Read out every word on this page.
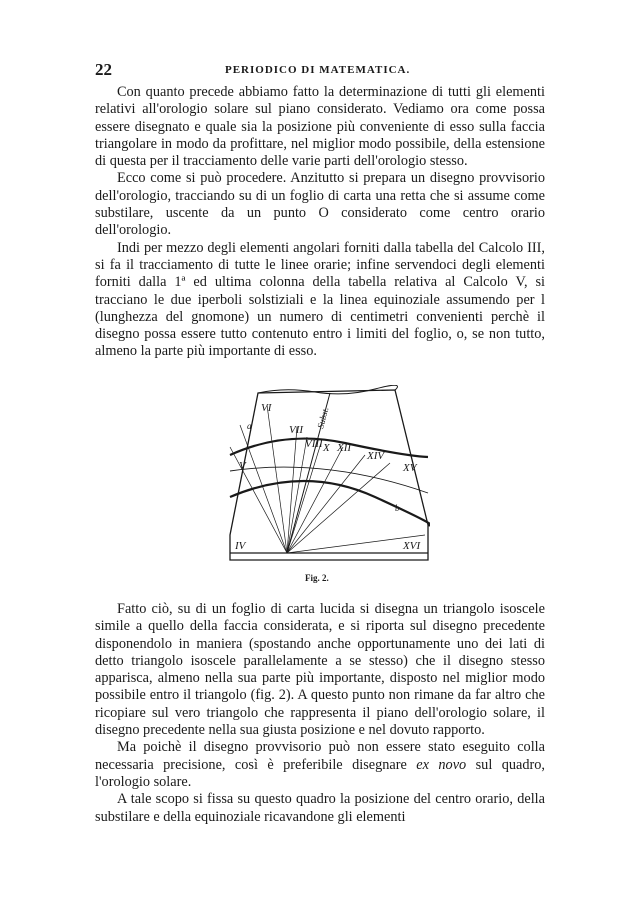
22	PERIODICO DI MATEMATICA.

Con quanto precede abbiamo fatto la determinazione di tutti gli elementi relativi all'orologio solare sul piano considerato. Vediamo ora come possa essere disegnato e quale sia la posizione più conveniente di esso sulla faccia triangolare in modo da profittare, nel miglior modo possibile, della estensione di questa per il tracciamento delle varie parti dell'orologio stesso.

Ecco come si può procedere. Anzitutto si prepara un disegno provvisorio dell'orologio, tracciando su di un foglio di carta una retta che si assume come substilare, uscente da un punto O considerato come centro orario dell'orologio.

Indi per mezzo degli elementi angolari forniti dalla tabella del Calcolo III, si fa il tracciamento di tutte le linee orarie; infine servendoci degli elementi forniti dalla 1ª ed ultima colonna della tabella relativa al Calcolo V, si tracciano le due iperboli solstiziali e la linea equinoziale assumendo per l (lunghezza del gnomone) un numero di centimetri convenienti perchè il disegno possa essere tutto contenuto entro i limiti del foglio, o, se non tutto, almeno la parte più importante di esso.

VI
VII
VIII X XII
XIV
XV
V
IV	XVI
Subst.
a
b
Fig. 2.

Fatto ciò, su di un foglio di carta lucida si disegna un triangolo isoscele simile a quello della faccia considerata, e si riporta sul disegno precedente disponendolo in maniera (spostando anche opportunamente uno dei lati di detto triangolo isoscele parallelamente a se stesso) che il disegno stesso apparisca, almeno nella sua parte più importante, disposto nel miglior modo possibile entro il triangolo (fig. 2). A questo punto non rimane da far altro che ricopiare sul vero triangolo che rappresenta il piano dell'orologio solare, il disegno precedente nella sua giusta posizione e nel dovuto rapporto.

Ma poichè il disegno provvisorio può non essere stato eseguito colla necessaria precisione, così è preferibile disegnare ex novo sul quadro, l'orologio solare.

A tale scopo si fissa su questo quadro la posizione del centro orario, della substilare e della equinoziale ricavandone gli elementi
